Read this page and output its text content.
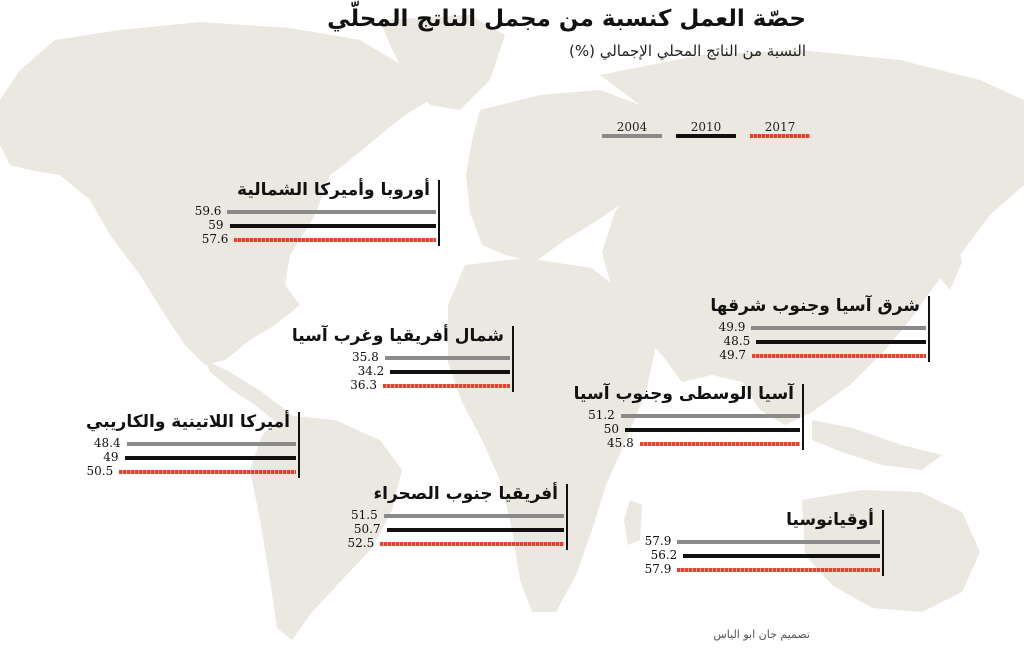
حصّة العمل كنسبة من مجمل الناتج المحلّي

النسبة من الناتج المحلي الإجمالي (%)

2004	2010	2017
أوروبا وأميركا الشمالية
59.6
59
57.6
شرق آسيا وجنوب شرقها
49.9
48.5
49.7
شمال أفريقيا وغرب آسيا
35.8
34.2
36.3	آسيا الوسطى وجنوب آسيا
51.2
50
45.8
أميركا اللاتينية والكاريبي
48.4
49
50.5
أفريقيا جنوب الصحراء
51.5
50.7
52.5
أوقيانوسيا
57.9
56.2
57.9
تصميم جان ابو الياس
